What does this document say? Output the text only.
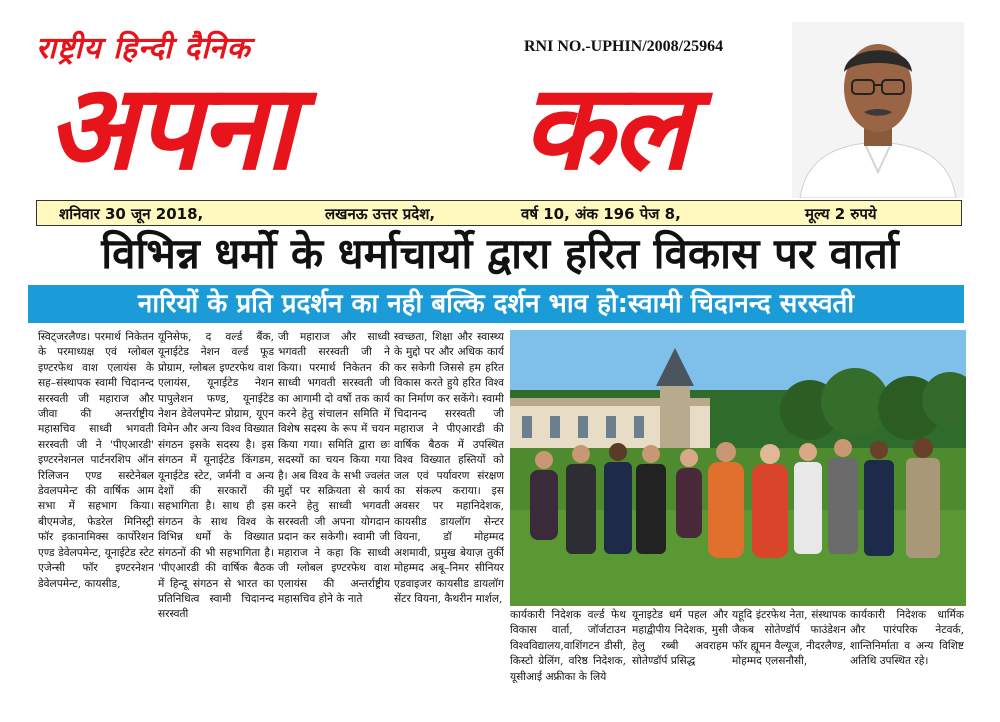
राष्ट्रीय हिन्दी दैनिक	RNI NO.-UPHIN/2008/25964
अपना कल
शनिवार 30 जून 2018,	लखनऊ उत्तर प्रदेश,	वर्ष 10, अंक 196 पेज 8,	मूल्य 2 रुपये
विभिन्न धर्मो के धर्माचार्यो द्वारा हरित विकास पर वार्ता
नारियों के प्रति प्रदर्शन का नही बल्कि दर्शन भाव हो:स्वामी चिदानन्द सरस्वती
स्विट्जरलैण्ड। परमार्थ निकेतन के परमाध्यक्ष एवं ग्लोबल इण्टरफेथ वाश एलायंस के सह–संस्थापक स्वामी चिदानन्द सरस्वती जी महाराज और जीवा की अन्तर्राष्ट्रीय महासचिव साध्वी भगवती सरस्वती जी ने 'पीएआरडी' इण्टरनेशनल पार्टनरशिप ऑन रिलिजन एण्ड सस्टेनेबल डेवलपमेन्ट की वार्षिक आम सभा में सहभाग किया। बीएमजेड, फेडरेल मिनिस्ट्री फॉर इकानामिक्स कार्पोरेशन एण्ड डेवेलपमेन्ट, यूनाईटेड स्टेट एजेन्सी फॉर इण्टरनेशन डेवेलपमेन्ट, कायसीड,
यूनिसेफ, द वर्ल्ड बैंक, यूनाईटेड नेशन वर्ल्ड फूड प्रोग्राम, ग्लोबल इण्टरफेथ वाश एलायंस, यूनाईटेड नेशन पापुलेशन फण्ड, यूनाईटेड नेशन डेवेलपमेन्ट प्रोग्राम, यूएन विमेन और अन्य विश्व विख्यात संगठन इसके सदस्य है। इस संगठन में यूनाईटेड किंगडम, यूनाईटेड स्टेट, जर्मनी व अन्य देशों की सरकारों की सहभागिता है। साथ ही इस संगठन के साथ विश्व के विभिन्न धर्मो के विख्यात संगठनों की भी सहभागिता है। 'पीएआरडी की वार्षिक बैठक में हिन्दू संगठन से भारत का प्रतिनिधित्व स्वामी चिदानन्द सरस्वती
जी महाराज और साध्वी भगवती सरस्वती जी ने किया। परमार्थ निकेतन की साध्वी भगवती सरस्वती जी का आगामी दो वर्षो तक कार्य करने हेतु संचालन समिति में विशेष सदस्य के रूप में चयन किया गया। समिति द्वारा छः सदस्यों का चयन किया गया है। अब विश्व के सभी ज्वलंत मुद्दों पर सक्रियता से कार्य करने हेतु साध्वी भगवती सरस्वती जी अपना योगदान प्रदान कर सकेगी। स्वामी जी महाराज ने कहा कि साध्वी जी ग्लोबल इण्टरफेथ वाश एलायंस की अन्तर्राष्ट्रीय महासचिव होने के नाते
स्वच्छता, शिक्षा और स्वास्थ्य के मुद्दो पर और अधिक कार्य कर सकेगी जिससे हम हरित विकास करते हुये हरित विश्व का निर्माण कर सकेंगे। स्वामी चिदानन्द सरस्वती जी महाराज ने पीएआरडी की वार्षिक बैठक में उपस्थित विश्व विख्यात हस्तियों को जल एवं पर्यावरण संरक्षण का संकल्प कराया। इस अवसर पर महानिदेशक, कायसीड डायलॉग सेन्टर वियना, डॉ मोहम्मद अशमावी, प्रमुख बेयाज़ तुर्की मोहम्मद अबू–निमर सीनियर एडवाइजर कायसीड डायलॉग सेंटर वियना, कैथरीन मार्शल,
कार्यकारी निदेशक वर्ल्ड फेथ विकास वार्ता, जॉर्जटाउन विश्वविद्यालय,वाशिंगटन डीसी, किस्टो ग्रेलिंग, वरिष्ठ निदेशक, यूसीआई अफ्रीका के लिये
यूनाइटेड धर्म पहल और महाद्वीपीय निदेशक, मुसी हेलु रब्बी अवराहम सोतेण्डॉर्प प्रसिद्ध
यहूदि इंटरफेथ नेता, संस्थापक जैकब सोतेण्डॉर्प फाउंडेशन फॉर ह्यूमन वैल्यूज, नीदरलैण्ड, मोहम्मद एलसनौसी,
कार्यकारी निदेशक धार्मिक और पारंपरिक नेटवर्क, शान्तिनिर्माता व अन्य विशिष्ट अतिथि उपस्थित रहे।
